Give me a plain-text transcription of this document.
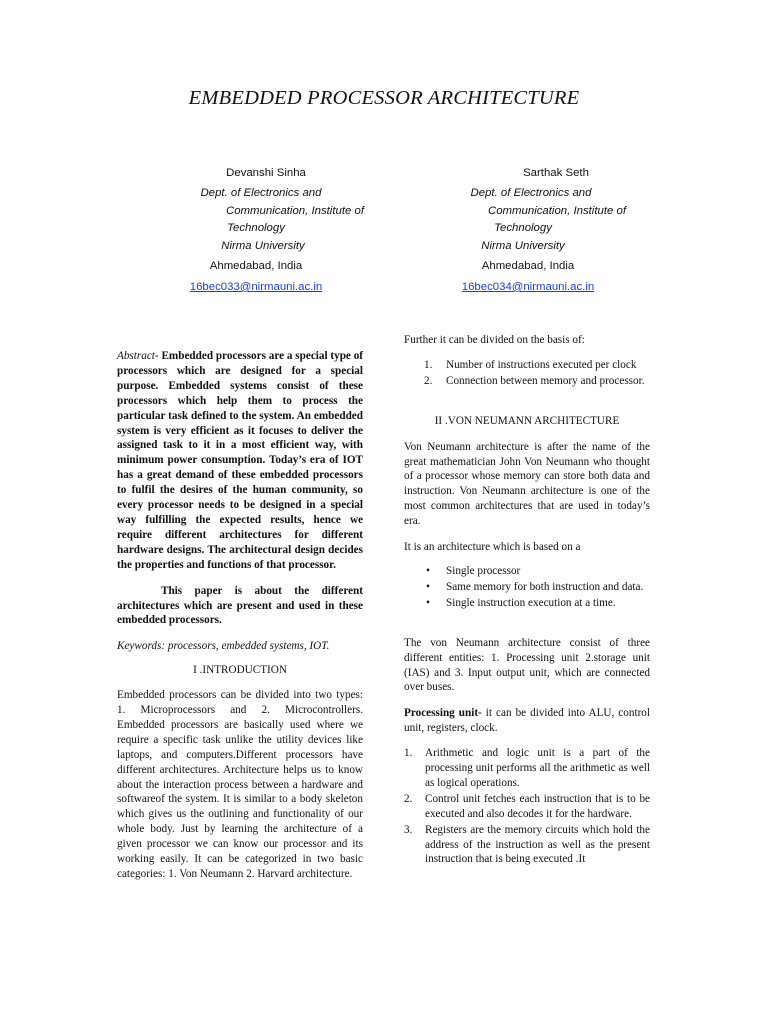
EMBEDDED PROCESSOR ARCHITECTURE
Devanshi Sinha
Dept. of Electronics and
Communication, Institute of
Technology
Nirma University
Ahmedabad, India
16bec033@nirmauni.ac.in
Sarthak Seth
Dept. of Electronics and
Communication, Institute of
Technology
Nirma University
Ahmedabad, India
16bec034@nirmauni.ac.in

Abstract- Embedded processors are a special type of processors which are designed for a special purpose. Embedded systems consist of these processors which help them to process the particular task defined to the system. An embedded system is very efficient as it focuses to deliver the assigned task to it in a most efficient way, with minimum power consumption. Today’s era of IOT has a great demand of these embedded processors to fulfil the desires of the human community, so every processor needs to be designed in a special way fulfilling the expected results, hence we require different architectures for different hardware designs. The architectural design decides the properties and functions of that processor.

This paper is about the different architectures which are present and used in these embedded processors.

Keywords: processors, embedded systems, IOT.

I .INTRODUCTION

Embedded processors can be divided into two types: 1. Microprocessors and 2. Microcontrollers. Embedded processors are basically used where we require a specific task unlike the utility devices like laptops, and computers.Different processors have different architectures. Architecture helps us to know about the interaction process between a hardware and softwareof the system. It is similar to a body skeleton which gives us the outlining and functionality of our whole body. Just by learning the architecture of a given processor we can know our processor and its working easily. It can be categorized in two basic categories: 1. Von Neumann 2. Harvard architecture.

Further it can be divided on the basis of:

1.	Number of instructions executed per clock
2.	Connection between memory and processor.

II .VON NEUMANN ARCHITECTURE

Von Neumann architecture is after the name of the great mathematician John Von Neumann who thought of a processor whose memory can store both data and instruction. Von Neumann architecture is one of the most common architectures that are used in today’s era.

It is an architecture which is based on a

•	Single processor
•	Same memory for both instruction and data.
•	Single instruction execution at a time.

The von Neumann architecture consist of three different entities: 1. Processing unit 2.storage unit (IAS) and 3. Input output unit, which are connected over buses.

Processing unit- it can be divided into ALU, control unit, registers, clock.

1.	Arithmetic and logic unit is a part of the processing unit performs all the arithmetic as well as logical operations.
2.	Control unit fetches each instruction that is to be executed and also decodes it for the hardware.
3.	Registers are the memory circuits which hold the address of the instruction as well as the present instruction that is being executed .It
